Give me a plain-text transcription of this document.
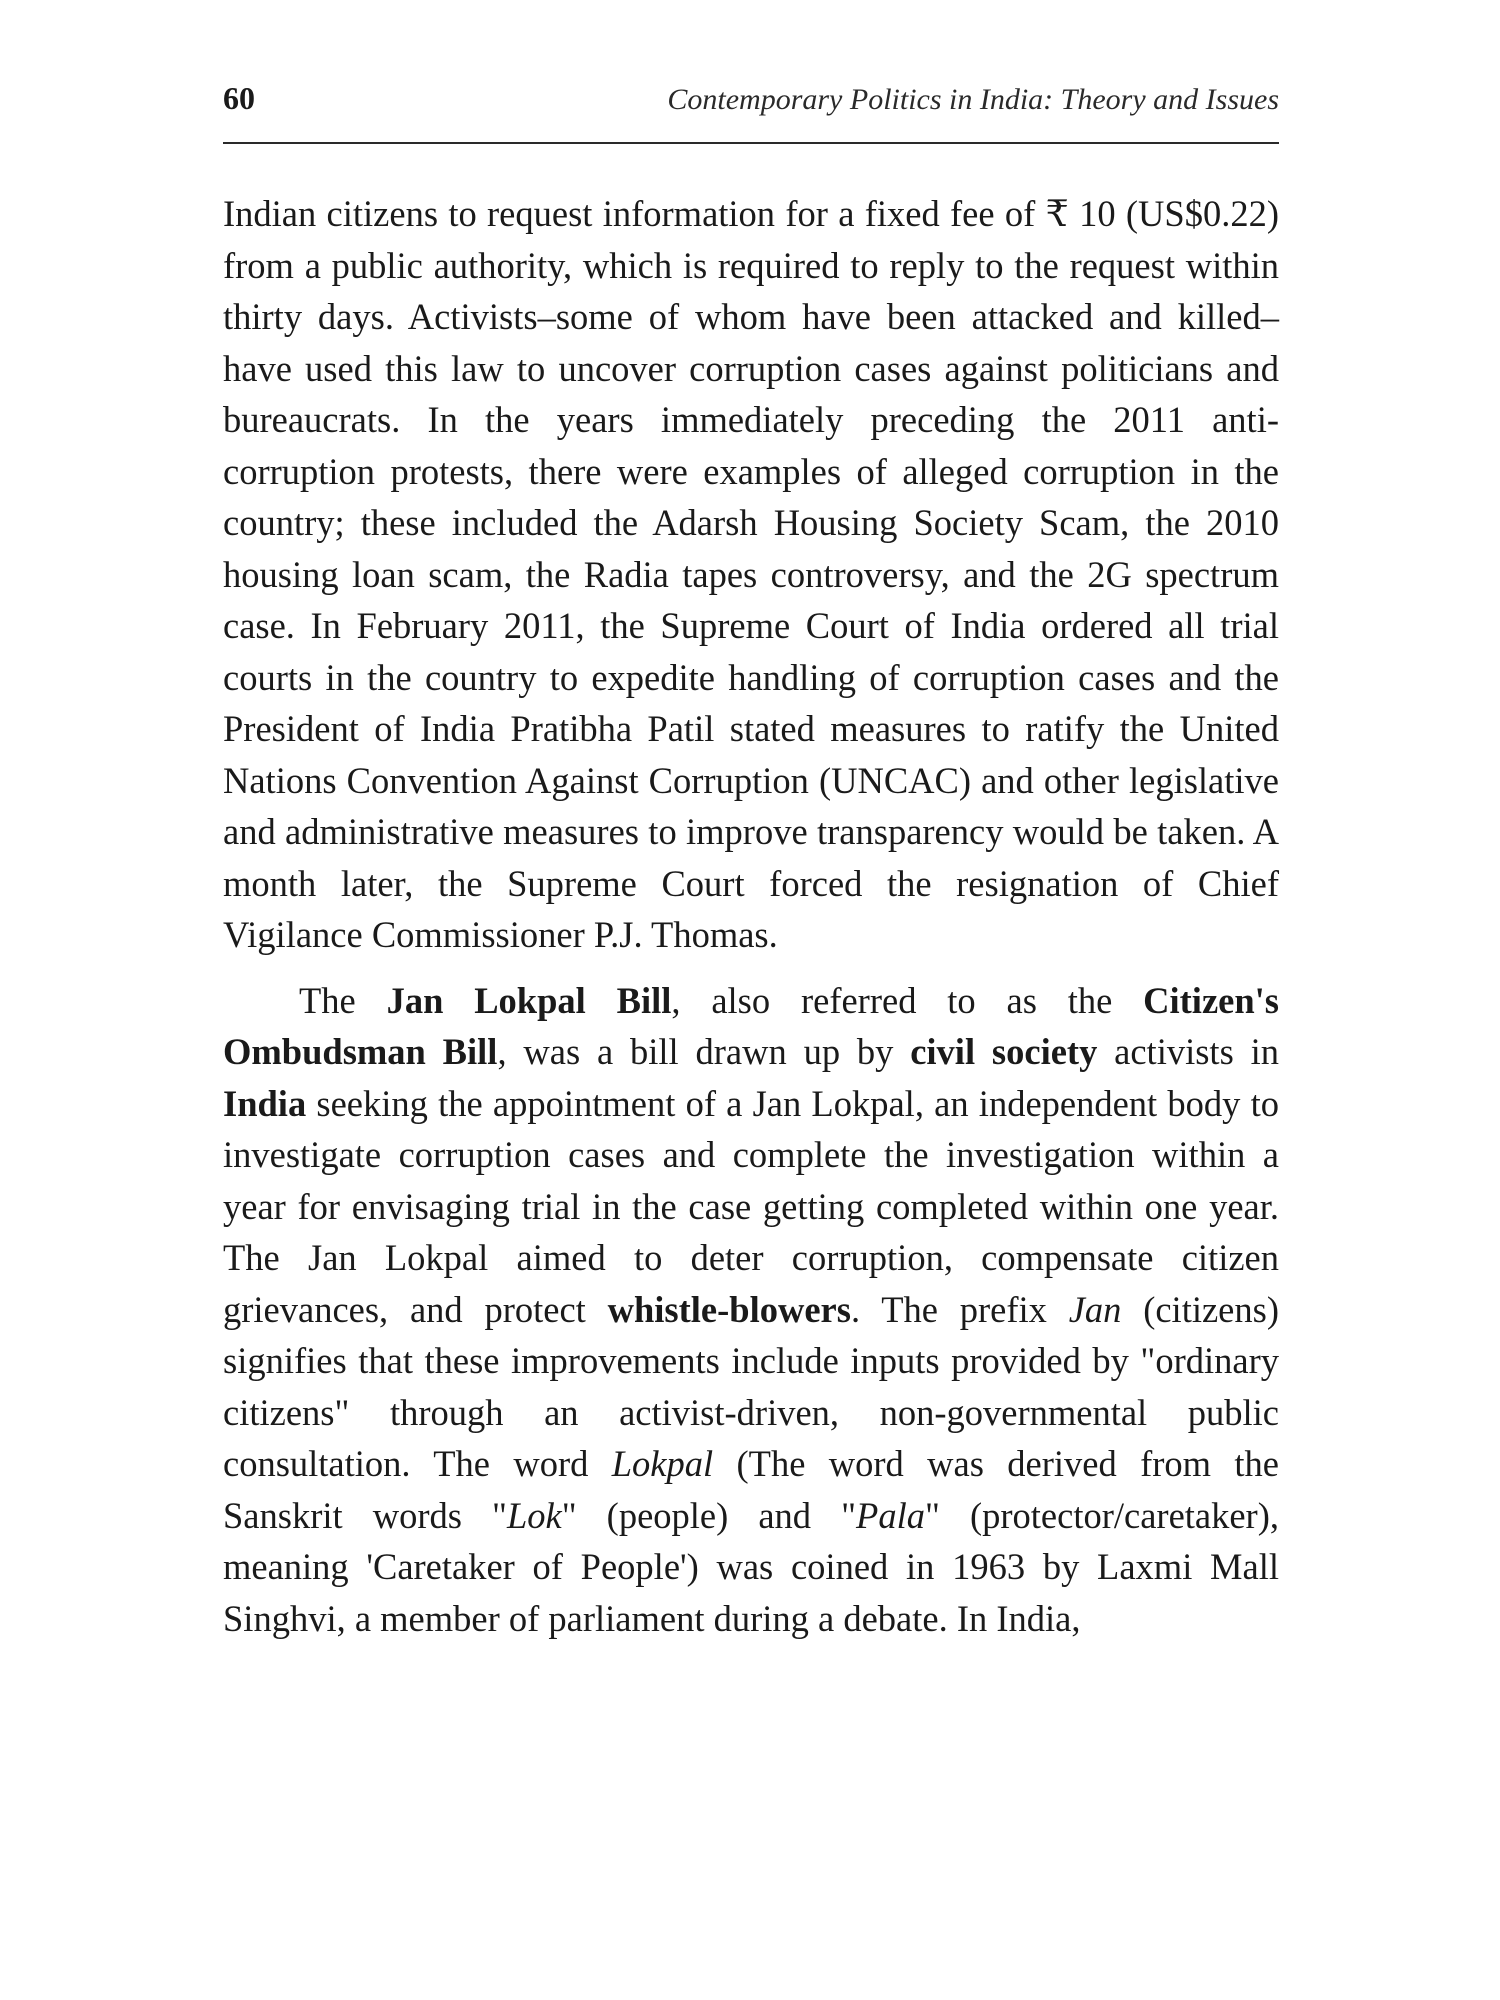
60	Contemporary Politics in India: Theory and Issues

Indian citizens to request information for a fixed fee of ₹ 10 (US$0.22) from a public authority, which is required to reply to the request within thirty days. Activists–some of whom have been attacked and killed–have used this law to uncover corruption cases against politicians and bureaucrats. In the years immediately preceding the 2011 anti-corruption protests, there were examples of alleged corruption in the country; these included the Adarsh Housing Society Scam, the 2010 housing loan scam, the Radia tapes controversy, and the 2G spectrum case. In February 2011, the Supreme Court of India ordered all trial courts in the country to expedite handling of corruption cases and the President of India Pratibha Patil stated measures to ratify the United Nations Convention Against Corruption (UNCAC) and other legislative and administrative measures to improve transparency would be taken. A month later, the Supreme Court forced the resignation of Chief Vigilance Commissioner P.J. Thomas.

The Jan Lokpal Bill, also referred to as the Citizen's Ombudsman Bill, was a bill drawn up by civil society activists in India seeking the appointment of a Jan Lokpal, an independent body to investigate corruption cases and complete the investigation within a year for envisaging trial in the case getting completed within one year. The Jan Lokpal aimed to deter corruption, compensate citizen grievances, and protect whistle-blowers. The prefix Jan (citizens) signifies that these improvements include inputs provided by "ordinary citizens" through an activist-driven, non-governmental public consultation. The word Lokpal (The word was derived from the Sanskrit words "Lok" (people) and "Pala" (protector/caretaker), meaning 'Caretaker of People') was coined in 1963 by Laxmi Mall Singhvi, a member of parliament during a debate. In India,
